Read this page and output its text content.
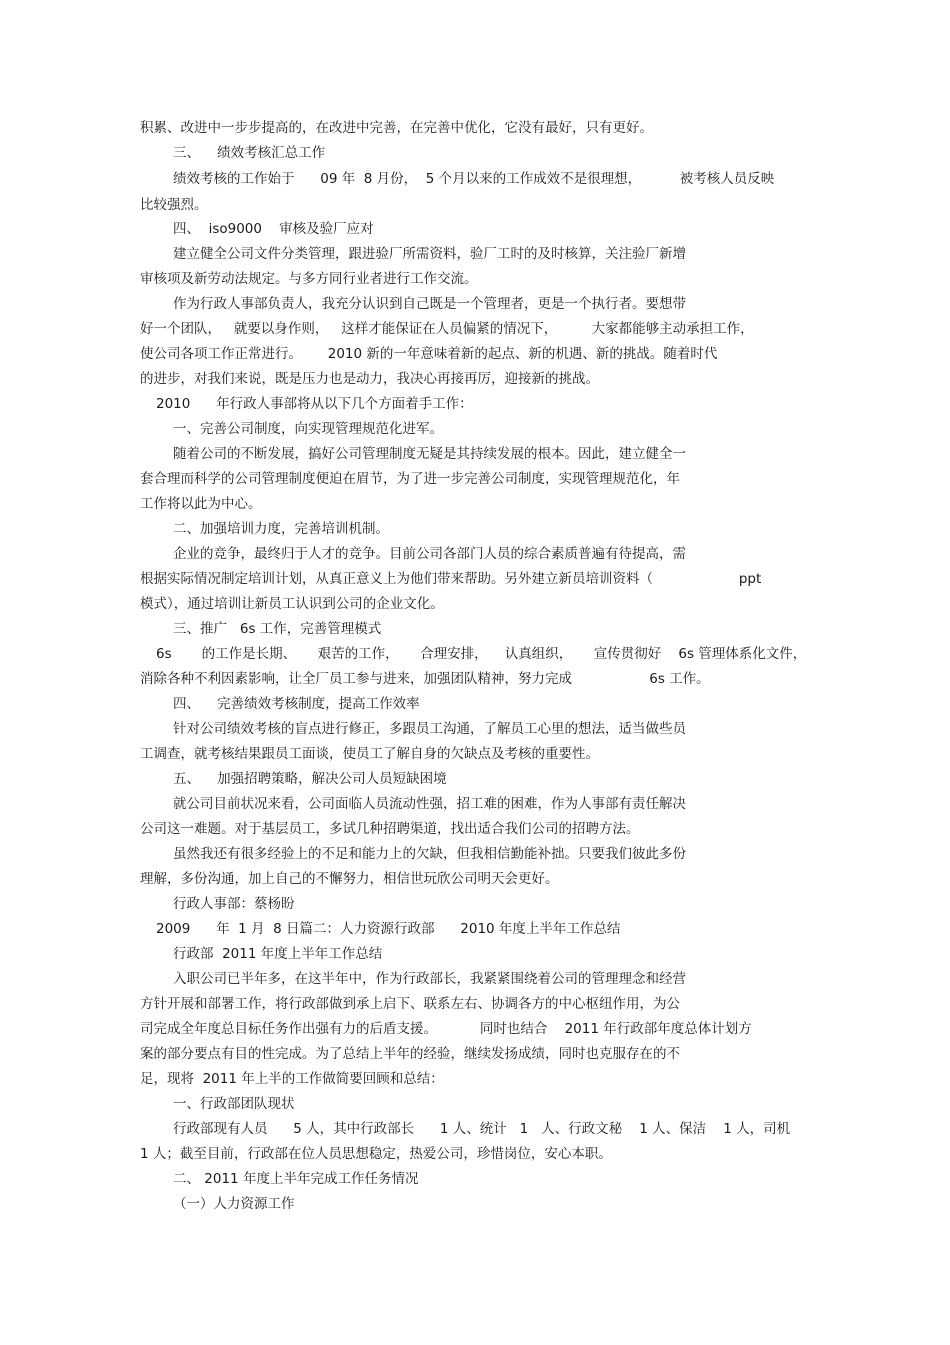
积累、改进中一步步提高的，在改进中完善，在完善中优化，它没有最好，只有更好。
三、    绩效考核汇总工作
绩效考核的工作始于      09 年  8 月份，  5 个月以来的工作成效不是很理想，         被考核人员反映
比较强烈。
四、  iso9000    审核及验厂应对
建立健全公司文件分类管理，跟进验厂所需资料，验厂工时的及时核算，关注验厂新增
审核项及新劳动法规定。与多方同行业者进行工作交流。
作为行政人事部负责人，我充分认识到自己既是一个管理者，更是一个执行者。要想带
好一个团队，   就要以身作则，   这样才能保证在人员偏紧的情况下，        大家都能够主动承担工作，
使公司各项工作正常进行。      2010 新的一年意味着新的起点、新的机遇、新的挑战。随着时代
的进步，对我们来说，既是压力也是动力，我决心再接再厉，迎接新的挑战。
2010      年行政人事部将从以下几个方面着手工作：
一、完善公司制度，向实现管理规范化进军。
随着公司的不断发展，搞好公司管理制度无疑是其持续发展的根本。因此，建立健全一
套合理而科学的公司管理制度便迫在眉节，为了进一步完善公司制度，实现管理规范化，年
工作将以此为中心。
二、加强培训力度，完善培训机制。
企业的竞争，最终归于人才的竞争。目前公司各部门人员的综合素质普遍有待提高，需
根据实际情况制定培训计划，从真正意义上为他们带来帮助。另外建立新员培训资料（                    ppt
模式），通过培训让新员工认识到公司的企业文化。
三、推广   6s 工作，完善管理模式
6s       的工作是长期、     艰苦的工作，     合理安排，    认真组织，     宣传贯彻好    6s 管理体系化文件，
消除各种不利因素影响，让全厂员工参与进来，加强团队精神，努力完成                  6s 工作。
四、    完善绩效考核制度，提高工作效率
针对公司绩效考核的盲点进行修正，多跟员工沟通，了解员工心里的想法，适当做些员
工调查，就考核结果跟员工面谈，使员工了解自身的欠缺点及考核的重要性。
五、    加强招聘策略，解决公司人员短缺困境
就公司目前状况来看，公司面临人员流动性强，招工难的困难，作为人事部有责任解决
公司这一难题。对于基层员工，多试几种招聘渠道，找出适合我们公司的招聘方法。
虽然我还有很多经验上的不足和能力上的欠缺，但我相信勤能补拙。只要我们彼此多份
理解，多份沟通，加上自己的不懈努力，相信世玩欣公司明天会更好。
行政人事部：蔡杨盼
2009      年  1 月  8 日篇二：人力资源行政部      2010 年度上半年工作总结
行政部  2011 年度上半年工作总结
入职公司已半年多，在这半年中，作为行政部长，我紧紧围绕着公司的管理理念和经营
方针开展和部署工作，将行政部做到承上启下、联系左右、协调各方的中心枢纽作用，为公
司完成全年度总目标任务作出强有力的后盾支援。          同时也结合    2011 年行政部年度总体计划方
案的部分要点有目的性完成。为了总结上半年的经验，继续发扬成绩，同时也克服存在的不
足，现将  2011 年上半的工作做简要回顾和总结：
一、行政部团队现状
行政部现有人员      5 人，其中行政部长      1 人、统计   1   人、行政文秘    1 人、保洁    1 人，司机
1 人；截至目前，行政部在位人员思想稳定，热爱公司，珍惜岗位，安心本职。
二、 2011 年度上半年完成工作任务情况
（一）人力资源工作
